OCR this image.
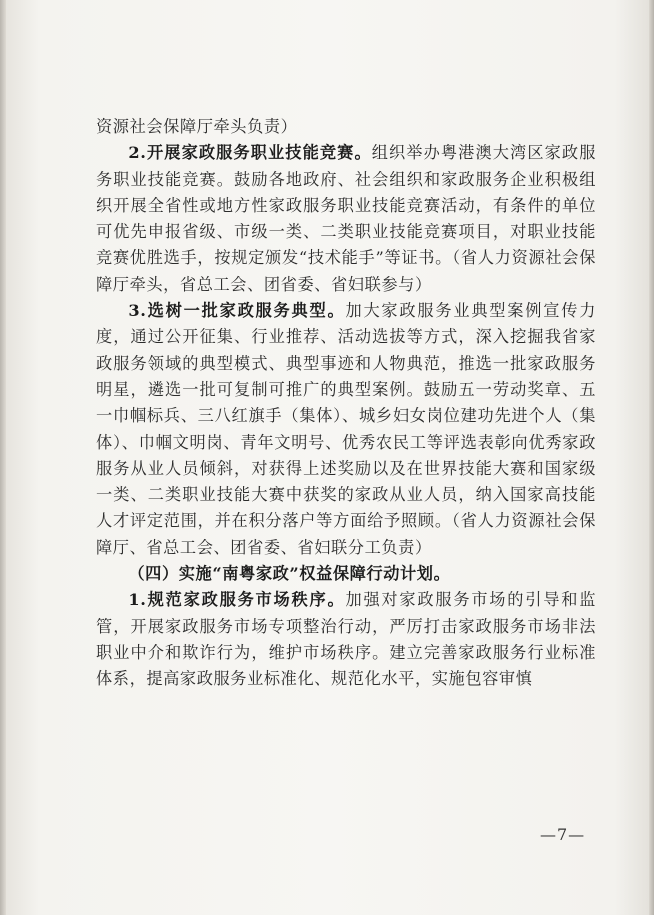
资源社会保障厅牵头负责）

2.开展家政服务职业技能竞赛。组织举办粤港澳大湾区家政服务职业技能竞赛。鼓励各地政府、社会组织和家政服务企业积极组织开展全省性或地方性家政服务职业技能竞赛活动，有条件的单位可优先申报省级、市级一类、二类职业技能竞赛项目，对职业技能竞赛优胜选手，按规定颁发“技术能手”等证书。（省人力资源社会保障厅牵头，省总工会、团省委、省妇联参与）

3.选树一批家政服务典型。加大家政服务业典型案例宣传力度，通过公开征集、行业推荐、活动选拔等方式，深入挖掘我省家政服务领域的典型模式、典型事迹和人物典范，推选一批家政服务明星，遴选一批可复制可推广的典型案例。鼓励五一劳动奖章、五一巾帼标兵、三八红旗手（集体）、城乡妇女岗位建功先进个人（集体）、巾帼文明岗、青年文明号、优秀农民工等评选表彰向优秀家政服务从业人员倾斜，对获得上述奖励以及在世界技能大赛和国家级一类、二类职业技能大赛中获奖的家政从业人员，纳入国家高技能人才评定范围，并在积分落户等方面给予照顾。（省人力资源社会保障厅、省总工会、团省委、省妇联分工负责）

（四）实施“南粤家政”权益保障行动计划。

1.规范家政服务市场秩序。加强对家政服务市场的引导和监管，开展家政服务市场专项整治行动，严厉打击家政服务市场非法职业中介和欺诈行为，维护市场秩序。建立完善家政服务行业标准体系，提高家政服务业标准化、规范化水平，实施包容审慎

—7—
